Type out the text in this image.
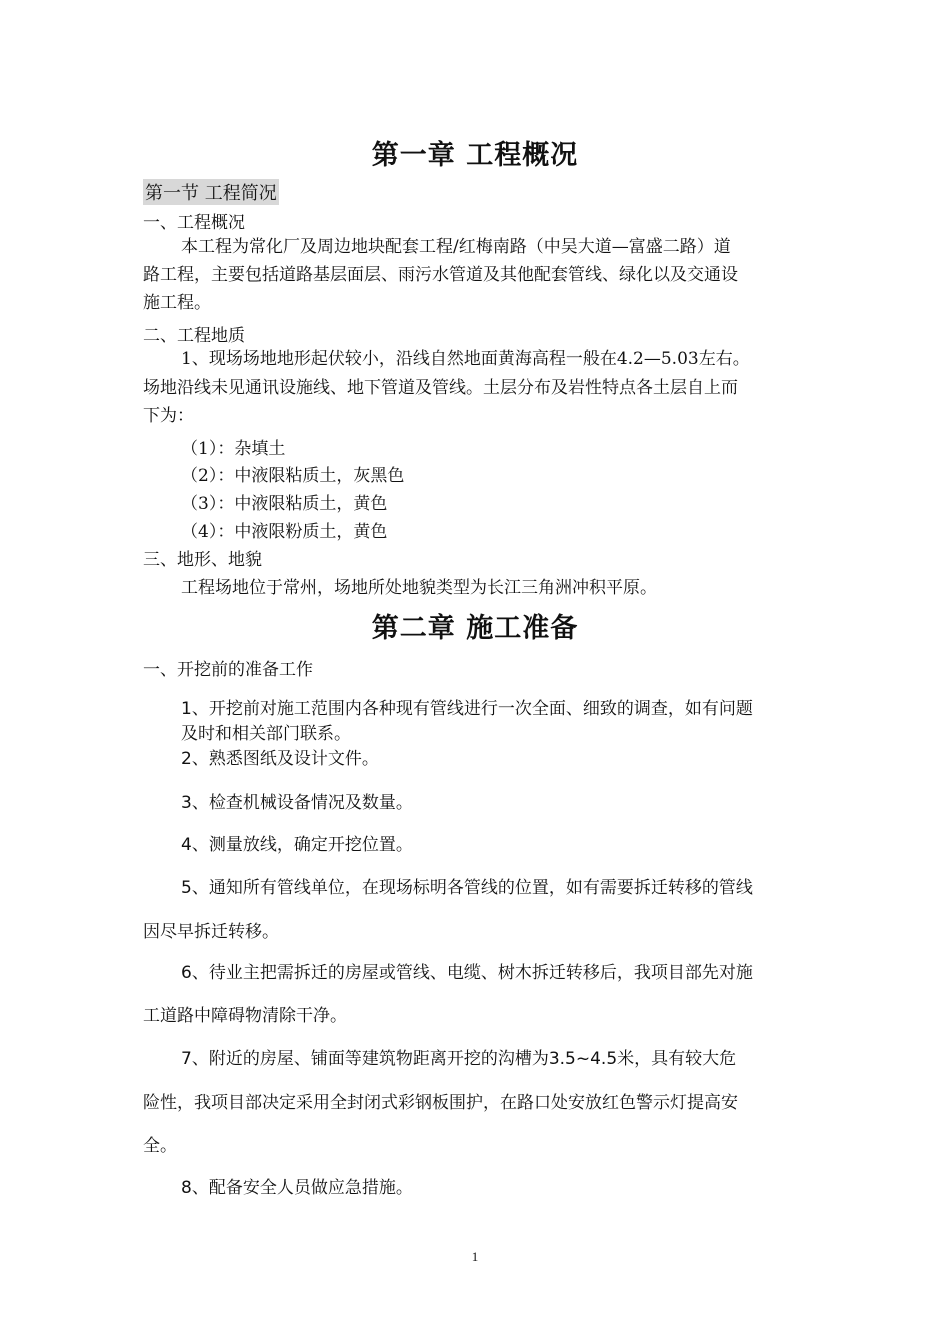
第一章 工程概况
第一节 工程简况
一、工程概况
本工程为常化厂及周边地块配套工程/红梅南路（中吴大道—富盛二路）道
路工程，主要包括道路基层面层、雨污水管道及其他配套管线、绿化以及交通设
施工程。
二、工程地质
1、现场场地地形起伏较小，沿线自然地面黄海高程一般在4.2—5.03左右。
场地沿线未见通讯设施线、地下管道及管线。土层分布及岩性特点各土层自上而
下为：
（1）：杂填土
（2）：中液限粘质土，灰黑色
（3）：中液限粘质土，黄色
（4）：中液限粉质土，黄色
三、地形、地貌
工程场地位于常州，场地所处地貌类型为长江三角洲冲积平原。
第二章 施工准备
一、开挖前的准备工作
1、开挖前对施工范围内各种现有管线进行一次全面、细致的调查，如有问题
及时和相关部门联系。
2、熟悉图纸及设计文件。
3、检查机械设备情况及数量。
4、测量放线，确定开挖位置。
5、通知所有管线单位，在现场标明各管线的位置，如有需要拆迁转移的管线
因尽早拆迁转移。
6、待业主把需拆迁的房屋或管线、电缆、树木拆迁转移后，我项目部先对施
工道路中障碍物清除干净。
7、附近的房屋、铺面等建筑物距离开挖的沟槽为3.5~4.5米，具有较大危
险性，我项目部决定采用全封闭式彩钢板围护，在路口处安放红色警示灯提高安
全。
8、配备安全人员做应急措施。
1
